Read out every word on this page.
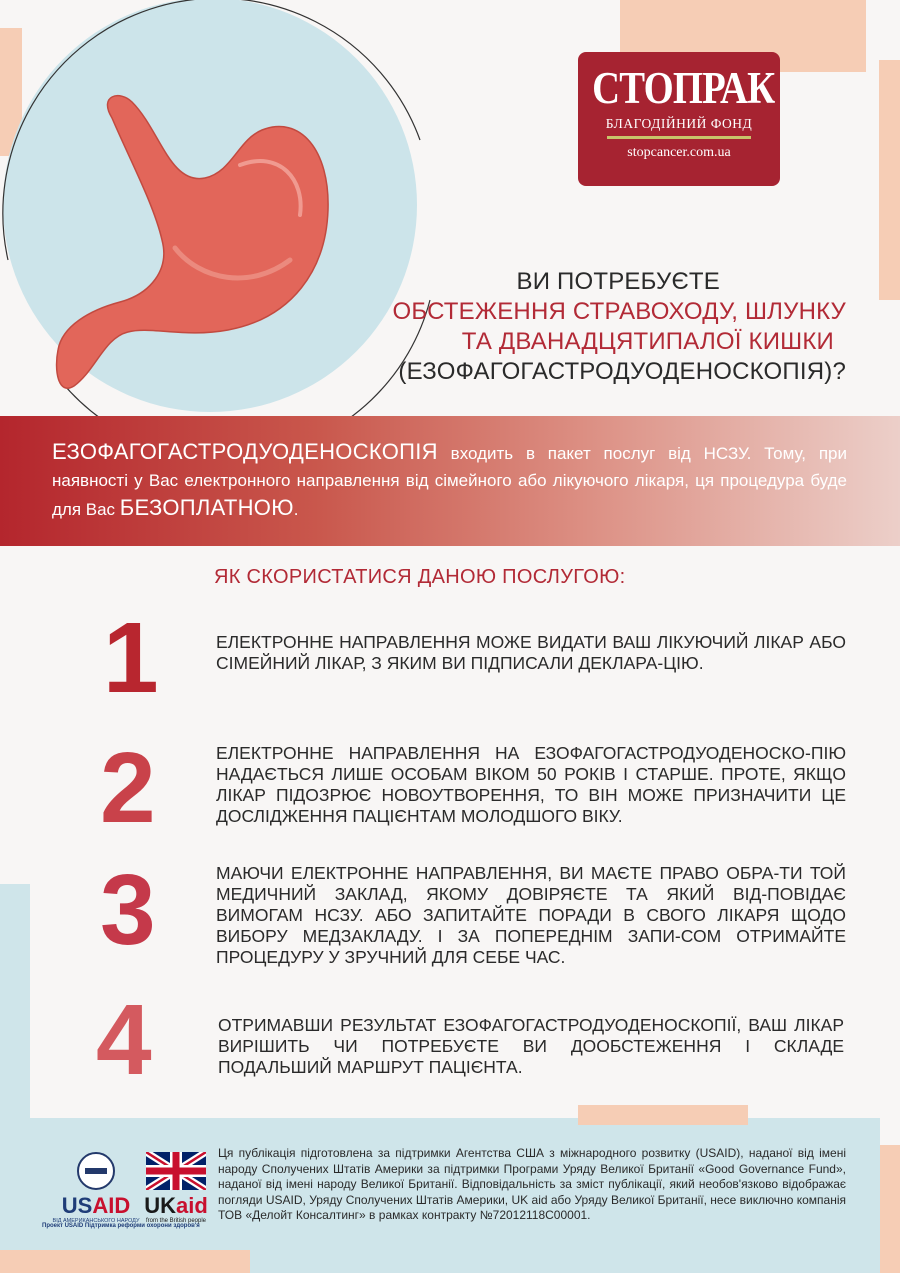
СТОПРАК
БЛАГОДІЙНИЙ ФОНД
stopcancer.com.ua
ВИ ПОТРЕБУЄТЕ
ОБСТЕЖЕННЯ СТРАВОХОДУ, ШЛУНКУ
ТА ДВАНАДЦЯТИПАЛОЇ КИШКИ
(ЕЗОФАГОГАСТРОДУОДЕНОСКОПІЯ)?

ЕЗОФАГОГАСТРОДУОДЕНОСКОПІЯ входить в пакет послуг від НСЗУ. Тому, при наявності у Вас електронного направлення від сімейного або лікуючого лікаря, ця процедура буде для Вас БЕЗОПЛАТНОЮ.

ЯК СКОРИСТАТИСЯ ДАНОЮ ПОСЛУГОЮ:
1	ЕЛЕКТРОННЕ НАПРАВЛЕННЯ МОЖЕ ВИДАТИ ВАШ ЛІКУЮЧИЙ ЛІКАР АБО СІМЕЙНИЙ ЛІКАР, З ЯКИМ ВИ ПІДПИСАЛИ ДЕКЛАРА-ЦІЮ.

2	ЕЛЕКТРОННЕ НАПРАВЛЕННЯ НА ЕЗОФАГОГАСТРОДУОДЕНОСКО-ПІЮ НАДАЄТЬСЯ ЛИШЕ ОСОБАМ ВІКОМ 50 РОКІВ І СТАРШЕ. ПРОТЕ, ЯКЩО ЛІКАР ПІДОЗРЮЄ НОВОУТВОРЕННЯ, ТО ВІН МОЖЕ ПРИЗНАЧИТИ ЦЕ ДОСЛІДЖЕННЯ ПАЦІЄНТАМ МОЛОДШОГО ВІКУ.

3	МАЮЧИ ЕЛЕКТРОННЕ НАПРАВЛЕННЯ, ВИ МАЄТЕ ПРАВО ОБРА-ТИ ТОЙ МЕДИЧНИЙ ЗАКЛАД, ЯКОМУ ДОВІРЯЄТЕ ТА ЯКИЙ ВІД-ПОВІДАЄ ВИМОГАМ НСЗУ. АБО ЗАПИТАЙТЕ ПОРАДИ В СВОГО ЛІКАРЯ ЩОДО ВИБОРУ МЕДЗАКЛАДУ. І ЗА ПОПЕРЕДНІМ ЗАПИ-СОМ ОТРИМАЙТЕ ПРОЦЕДУРУ У ЗРУЧНИЙ ДЛЯ СЕБЕ ЧАС.

4	ОТРИМАВШИ РЕЗУЛЬТАТ ЕЗОФАГОГАСТРОДУОДЕНОСКОПІЇ, ВАШ ЛІКАР ВИРІШИТЬ ЧИ ПОТРЕБУЄТЕ ВИ ДООБСТЕЖЕННЯ І СКЛАДЕ ПОДАЛЬШИЙ МАРШРУТ ПАЦІЄНТА.

USAID
ВІД АМЕРИКАНСЬКОГО НАРОДУ
UKaid
from the British people
Проект USAID Підтримка реформи охорони здоров'я

Ця публікація підготовлена за підтримки Агентства США з міжнародного розвитку (USAID), наданої від імені народу Сполучених Штатів Америки за підтримки Програми Уряду Великої Британії «Good Governance Fund», наданої від імені народу Великої Британії. Відповідальність за зміст публікації, який необов'язково відображає погляди USAID, Уряду Сполучених Штатів Америки, UK aid або Уряду Великої Британії, несе виключно компанія ТОВ «Делойт Консалтинг» в рамках контракту №72012118С00001.
